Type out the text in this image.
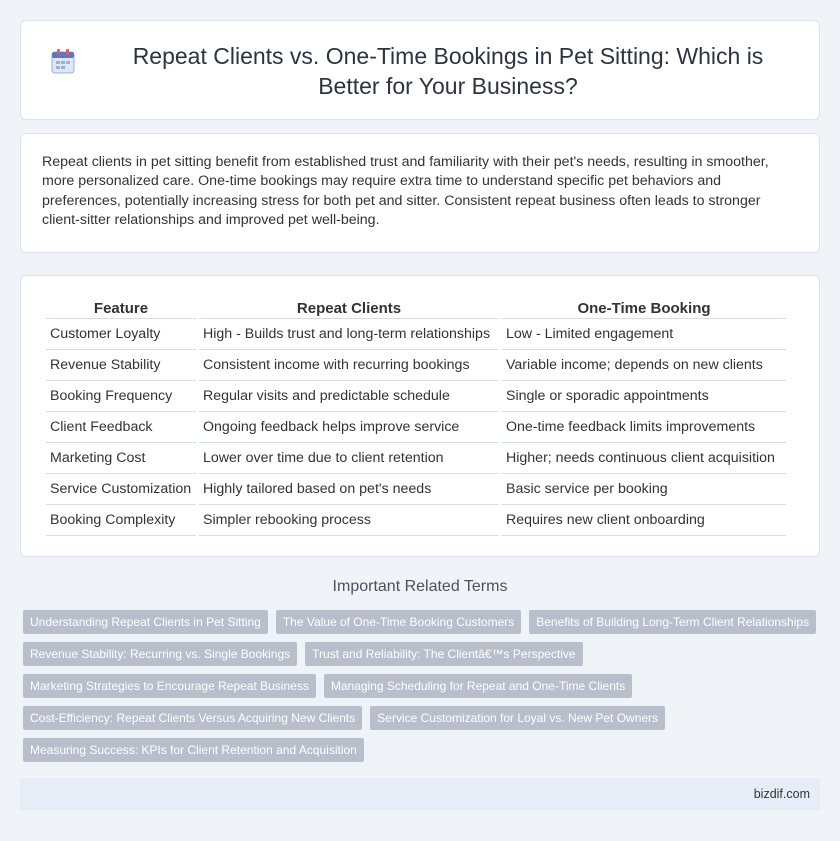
Repeat Clients vs. One-Time Bookings in Pet Sitting: Which is Better for Your Business?

Repeat clients in pet sitting benefit from established trust and familiarity with their pet's needs, resulting in smoother, more personalized care. One-time bookings may require extra time to understand specific pet behaviors and preferences, potentially increasing stress for both pet and sitter. Consistent repeat business often leads to stronger client-sitter relationships and improved pet well-being.

Feature	Repeat Clients	One-Time Booking
Customer Loyalty	High - Builds trust and long-term relationships	Low - Limited engagement
Revenue Stability	Consistent income with recurring bookings	Variable income; depends on new clients
Booking Frequency	Regular visits and predictable schedule	Single or sporadic appointments
Client Feedback	Ongoing feedback helps improve service	One-time feedback limits improvements
Marketing Cost	Lower over time due to client retention	Higher; needs continuous client acquisition
Service Customization	Highly tailored based on pet's needs	Basic service per booking
Booking Complexity	Simpler rebooking process	Requires new client onboarding
Important Related Terms
Understanding Repeat Clients in Pet Sitting	The Value of One-Time Booking Customers	Benefits of Building Long-Term Client Relationships
Revenue Stability: Recurring vs. Single Bookings	Trust and Reliability: The Clientâ€™s Perspective
Marketing Strategies to Encourage Repeat Business	Managing Scheduling for Repeat and One-Time Clients
Cost-Efficiency: Repeat Clients Versus Acquiring New Clients	Service Customization for Loyal vs. New Pet Owners
Measuring Success: KPIs for Client Retention and Acquisition
bizdif.com
